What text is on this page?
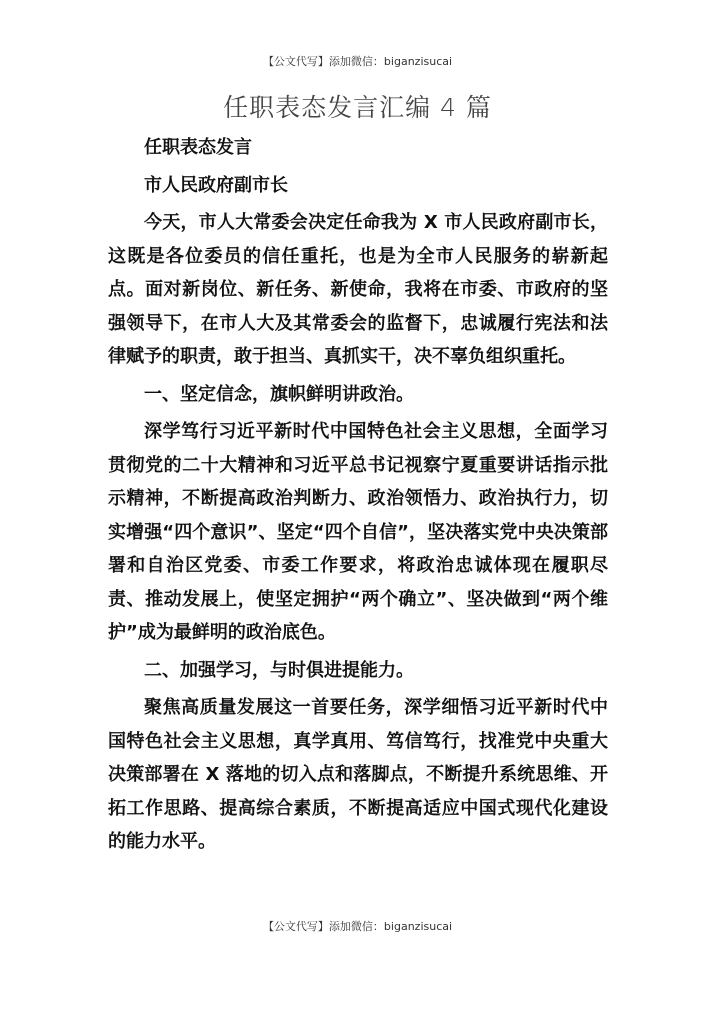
【公文代写】添加微信：biganzisucai
任职表态发言汇编 4 篇

任职表态发言

市人民政府副市长

今天，市人大常委会决定任命我为 X 市人民政府副市长，这既是各位委员的信任重托，也是为全市人民服务的崭新起点。面对新岗位、新任务、新使命，我将在市委、市政府的坚强领导下，在市人大及其常委会的监督下，忠诚履行宪法和法律赋予的职责，敢于担当、真抓实干，决不辜负组织重托。

一、坚定信念，旗帜鲜明讲政治。

深学笃行习近平新时代中国特色社会主义思想，全面学习贯彻党的二十大精神和习近平总书记视察宁夏重要讲话指示批示精神，不断提高政治判断力、政治领悟力、政治执行力，切实增强“四个意识”、坚定“四个自信”，坚决落实党中央决策部署和自治区党委、市委工作要求，将政治忠诚体现在履职尽责、推动发展上，使坚定拥护“两个确立”、坚决做到“两个维护”成为最鲜明的政治底色。

二、加强学习，与时俱进提能力。

聚焦高质量发展这一首要任务，深学细悟习近平新时代中国特色社会主义思想，真学真用、笃信笃行，找准党中央重大决策部署在 X 落地的切入点和落脚点，不断提升系统思维、开拓工作思路、提高综合素质，不断提高适应中国式现代化建设的能力水平。

【公文代写】添加微信：biganzisucai
